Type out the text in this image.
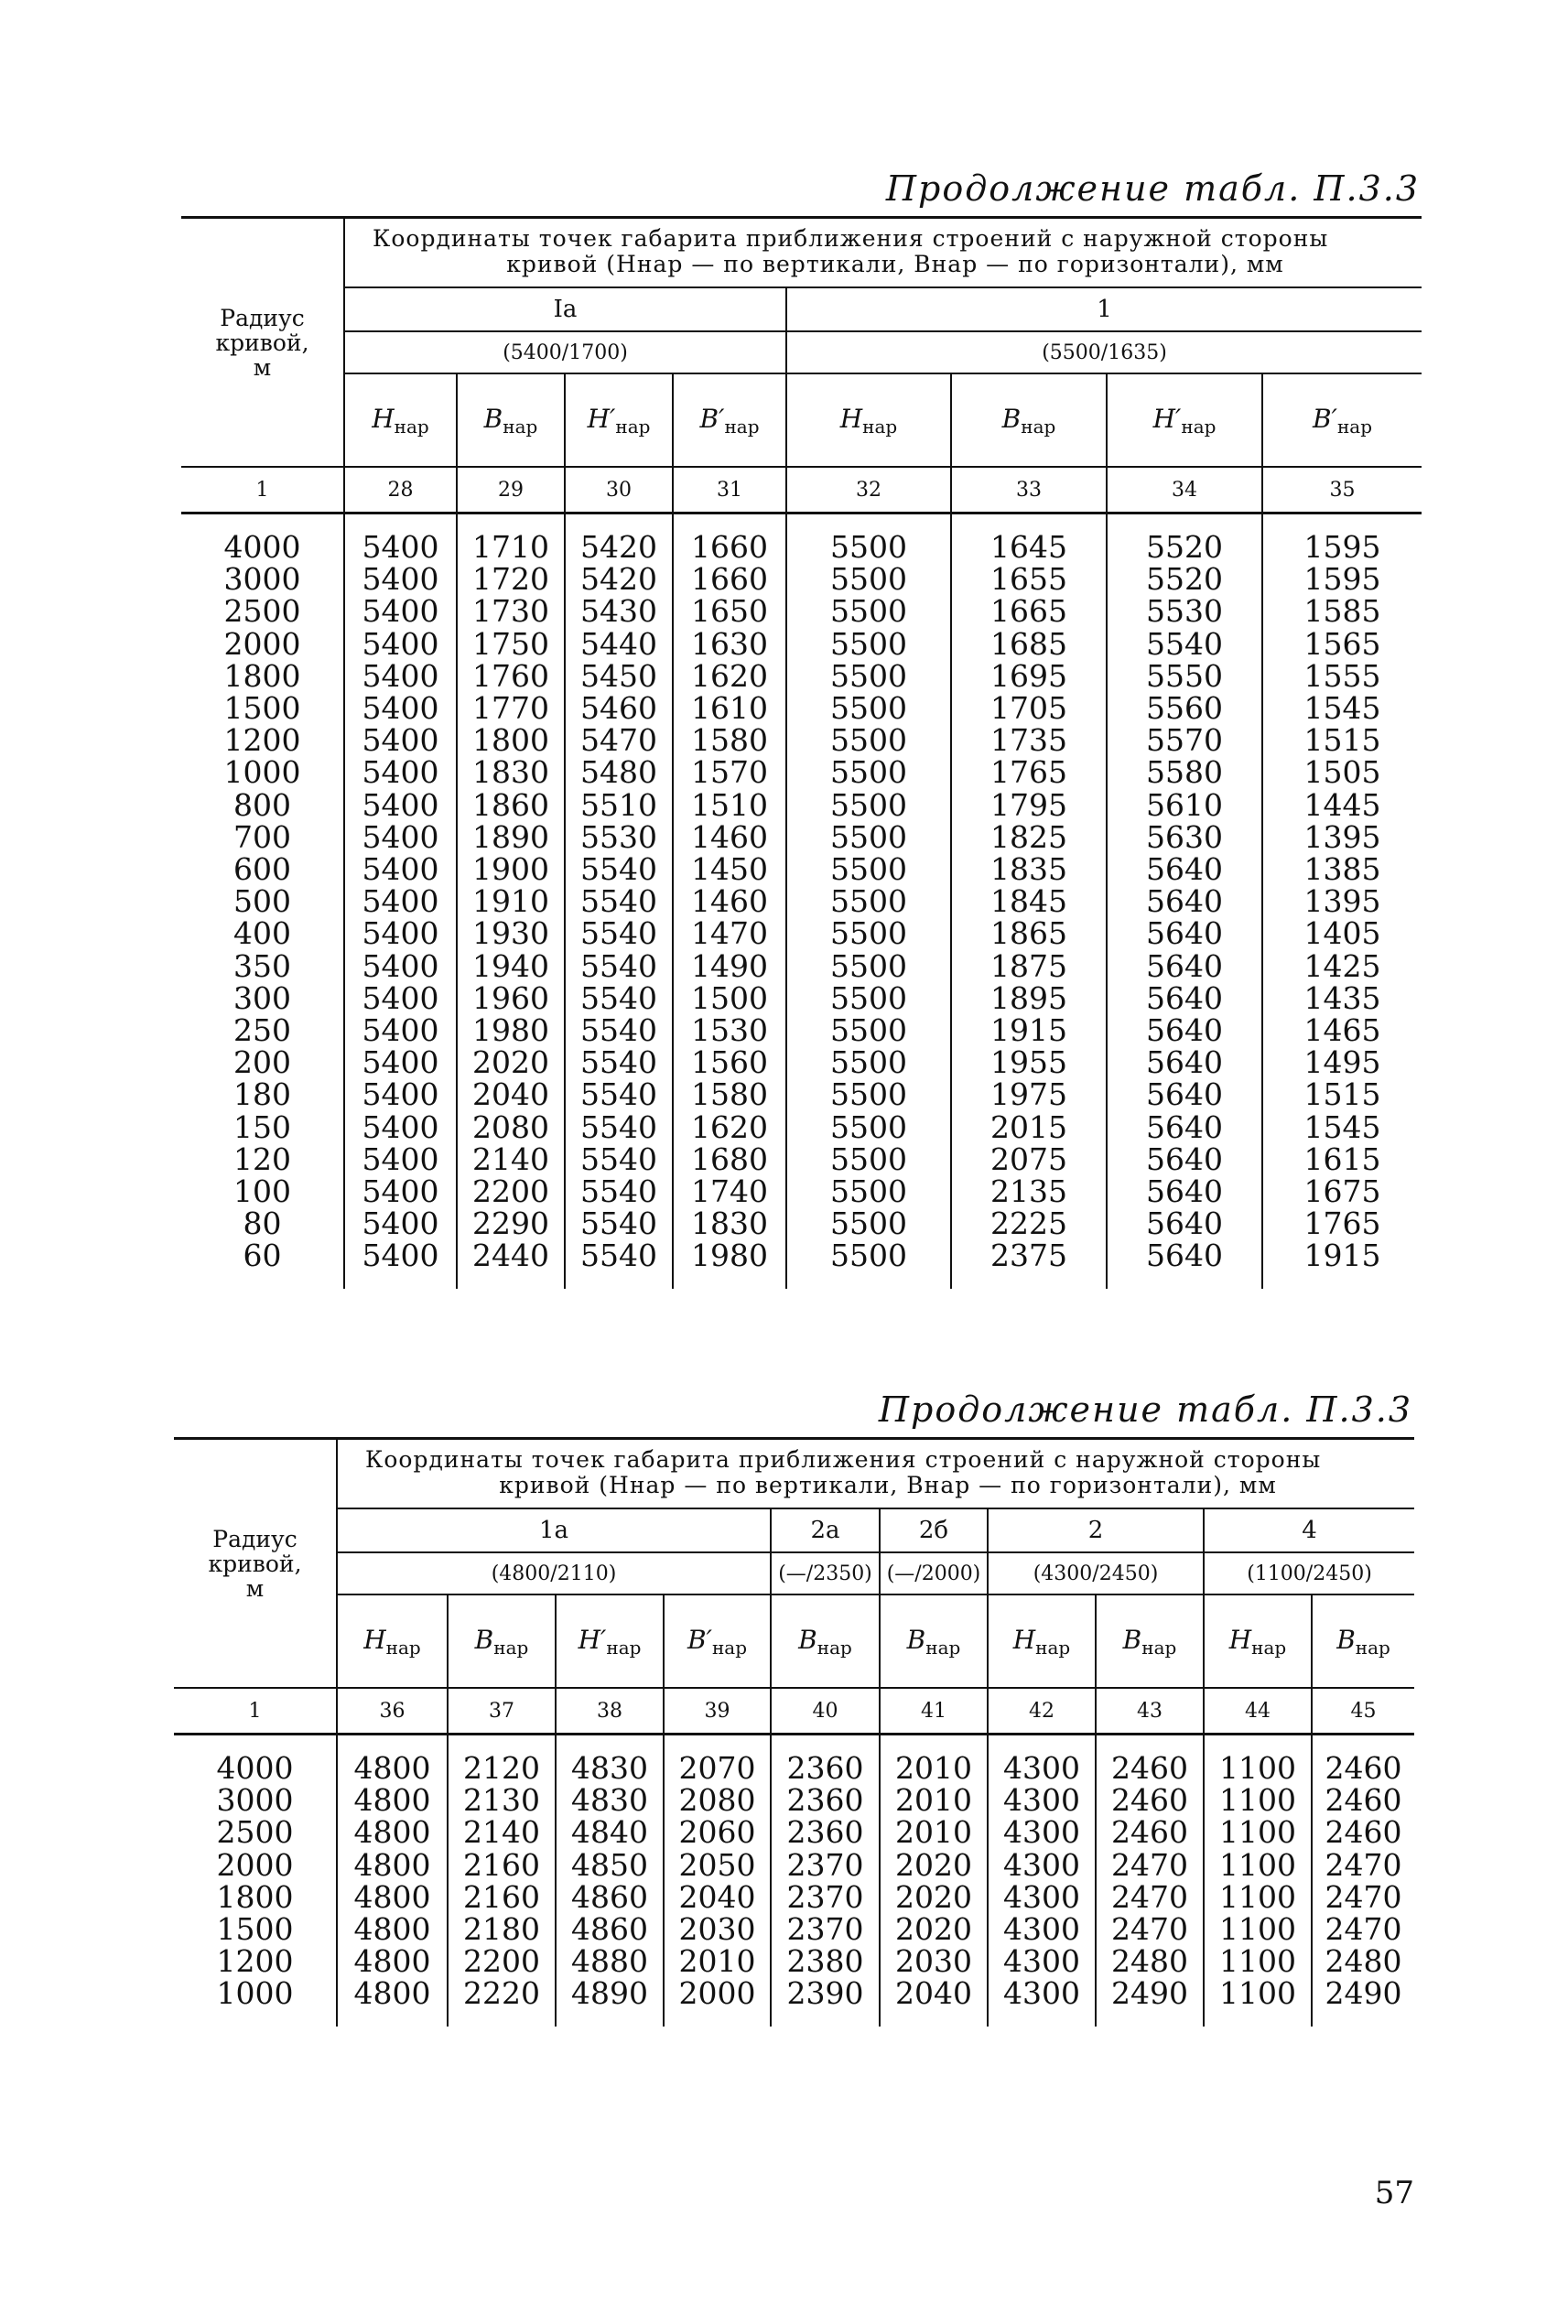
Продолжение табл. П.3.3
Радиус
кривой,
м	Координаты точек габарита приближения строений с наружной стороны
кривой (Hнар — по вертикали, Bнар — по горизонтали), мм							

	Ia				1			
	(5400/1700)				(5500/1635)			
	$H_{нар}$	$B_{нар}$	$H'_{нар}$	$B'_{нар}$	$H_{нар}$	$B_{нар}$	$H'_{нар}$	$B'_{нар}$
1	28	29	30	31	32	33	34	35
4000	5400	1710	5420	1660	5500	1645	5520	1595
3000	5400	1720	5420	1660	5500	1655	5520	1595
2500	5400	1730	5430	1650	5500	1665	5530	1585
2000	5400	1750	5440	1630	5500	1685	5540	1565
1800	5400	1760	5450	1620	5500	1695	5550	1555
1500	5400	1770	5460	1610	5500	1705	5560	1545
1200	5400	1800	5470	1580	5500	1735	5570	1515
1000	5400	1830	5480	1570	5500	1765	5580	1505
800	5400	1860	5510	1510	5500	1795	5610	1445
700	5400	1890	5530	1460	5500	1825	5630	1395
600	5400	1900	5540	1450	5500	1835	5640	1385
500	5400	1910	5540	1460	5500	1845	5640	1395
400	5400	1930	5540	1470	5500	1865	5640	1405
350	5400	1940	5540	1490	5500	1875	5640	1425
300	5400	1960	5540	1500	5500	1895	5640	1435
250	5400	1980	5540	1530	5500	1915	5640	1465
200	5400	2020	5540	1560	5500	1955	5640	1495
180	5400	2040	5540	1580	5500	1975	5640	1515
150	5400	2080	5540	1620	5500	2015	5640	1545
120	5400	2140	5540	1680	5500	2075	5640	1615
100	5400	2200	5540	1740	5500	2135	5640	1675
80	5400	2290	5540	1830	5500	2225	5640	1765
60	5400	2440	5540	1980	5500	2375	5640	1915

Продолжение табл. П.3.3
Радиус
кривой,
м	Координаты точек габарита приближения строений с наружной стороны
кривой (Hнар — по вертикали, Bнар — по горизонтали), мм									

	1a				2a	2б	2		4	
	(4800/2110)				(—/2350)	(—/2000)	(4300/2450)		(1100/2450)	
	$H_{нар}$	$B_{нар}$	$H'_{нар}$	$B'_{нар}$	$B_{нар}$	$B_{нар}$	$H_{нар}$	$B_{нар}$	$H_{нар}$	$B_{нар}$
1	36	37	38	39	40	41	42	43	44	45
4000	4800	2120	4830	2070	2360	2010	4300	2460	1100	2460
3000	4800	2130	4830	2080	2360	2010	4300	2460	1100	2460
2500	4800	2140	4840	2060	2360	2010	4300	2460	1100	2460
2000	4800	2160	4850	2050	2370	2020	4300	2470	1100	2470
1800	4800	2160	4860	2040	2370	2020	4300	2470	1100	2470
1500	4800	2180	4860	2030	2370	2020	4300	2470	1100	2470
1200	4800	2200	4880	2010	2380	2030	4300	2480	1100	2480
1000	4800	2220	4890	2000	2390	2040	4300	2490	1100	2490

57
